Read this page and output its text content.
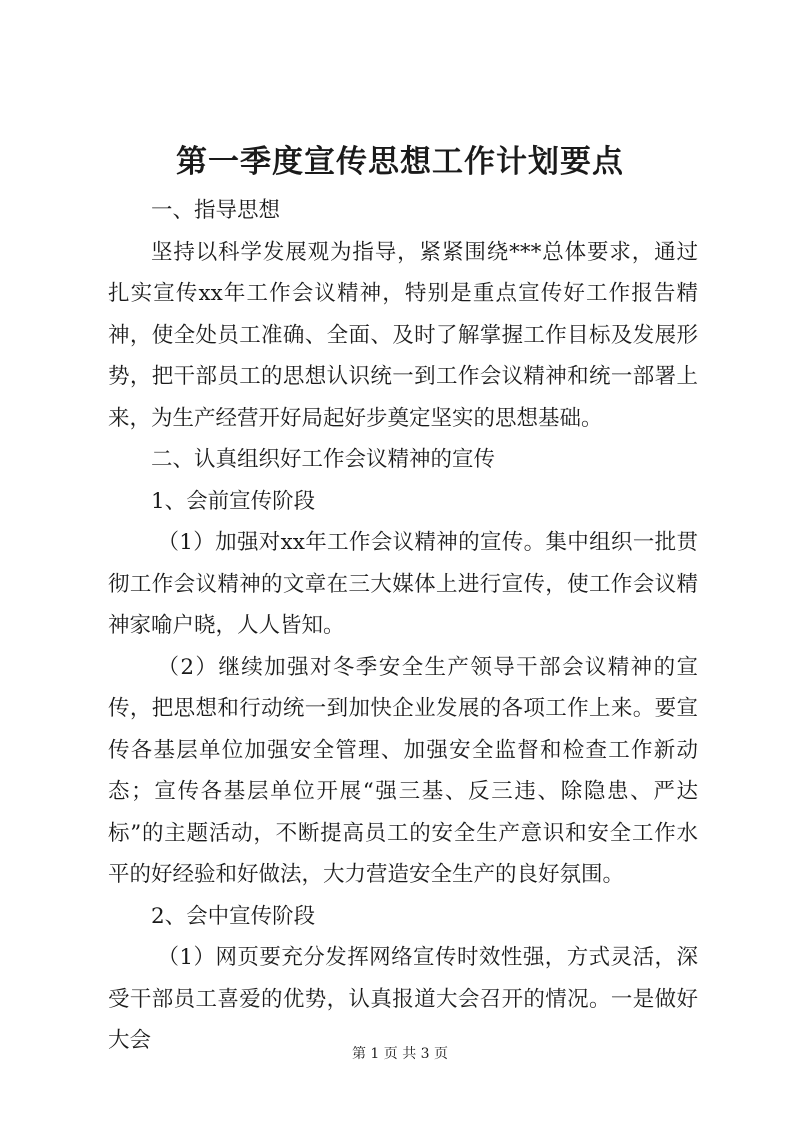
第一季度宣传思想工作计划要点

一、指导思想

坚持以科学发展观为指导，紧紧围绕***总体要求，通过扎实宣传xx年工作会议精神，特别是重点宣传好工作报告精神，使全处员工准确、全面、及时了解掌握工作目标及发展形势，把干部员工的思想认识统一到工作会议精神和统一部署上来，为生产经营开好局起好步奠定坚实的思想基础。

二、认真组织好工作会议精神的宣传

1、会前宣传阶段

（1）加强对xx年工作会议精神的宣传。集中组织一批贯彻工作会议精神的文章在三大媒体上进行宣传，使工作会议精神家喻户晓，人人皆知。

（2）继续加强对冬季安全生产领导干部会议精神的宣传，把思想和行动统一到加快企业发展的各项工作上来。要宣传各基层单位加强安全管理、加强安全监督和检查工作新动态；宣传各基层单位开展“强三基、反三违、除隐患、严达标”的主题活动，不断提高员工的安全生产意识和安全工作水平的好经验和好做法，大力营造安全生产的良好氛围。

2、会中宣传阶段

（1）网页要充分发挥网络宣传时效性强，方式灵活，深受干部员工喜爱的优势，认真报道大会召开的情况。一是做好大会

第 1 页 共 3 页
